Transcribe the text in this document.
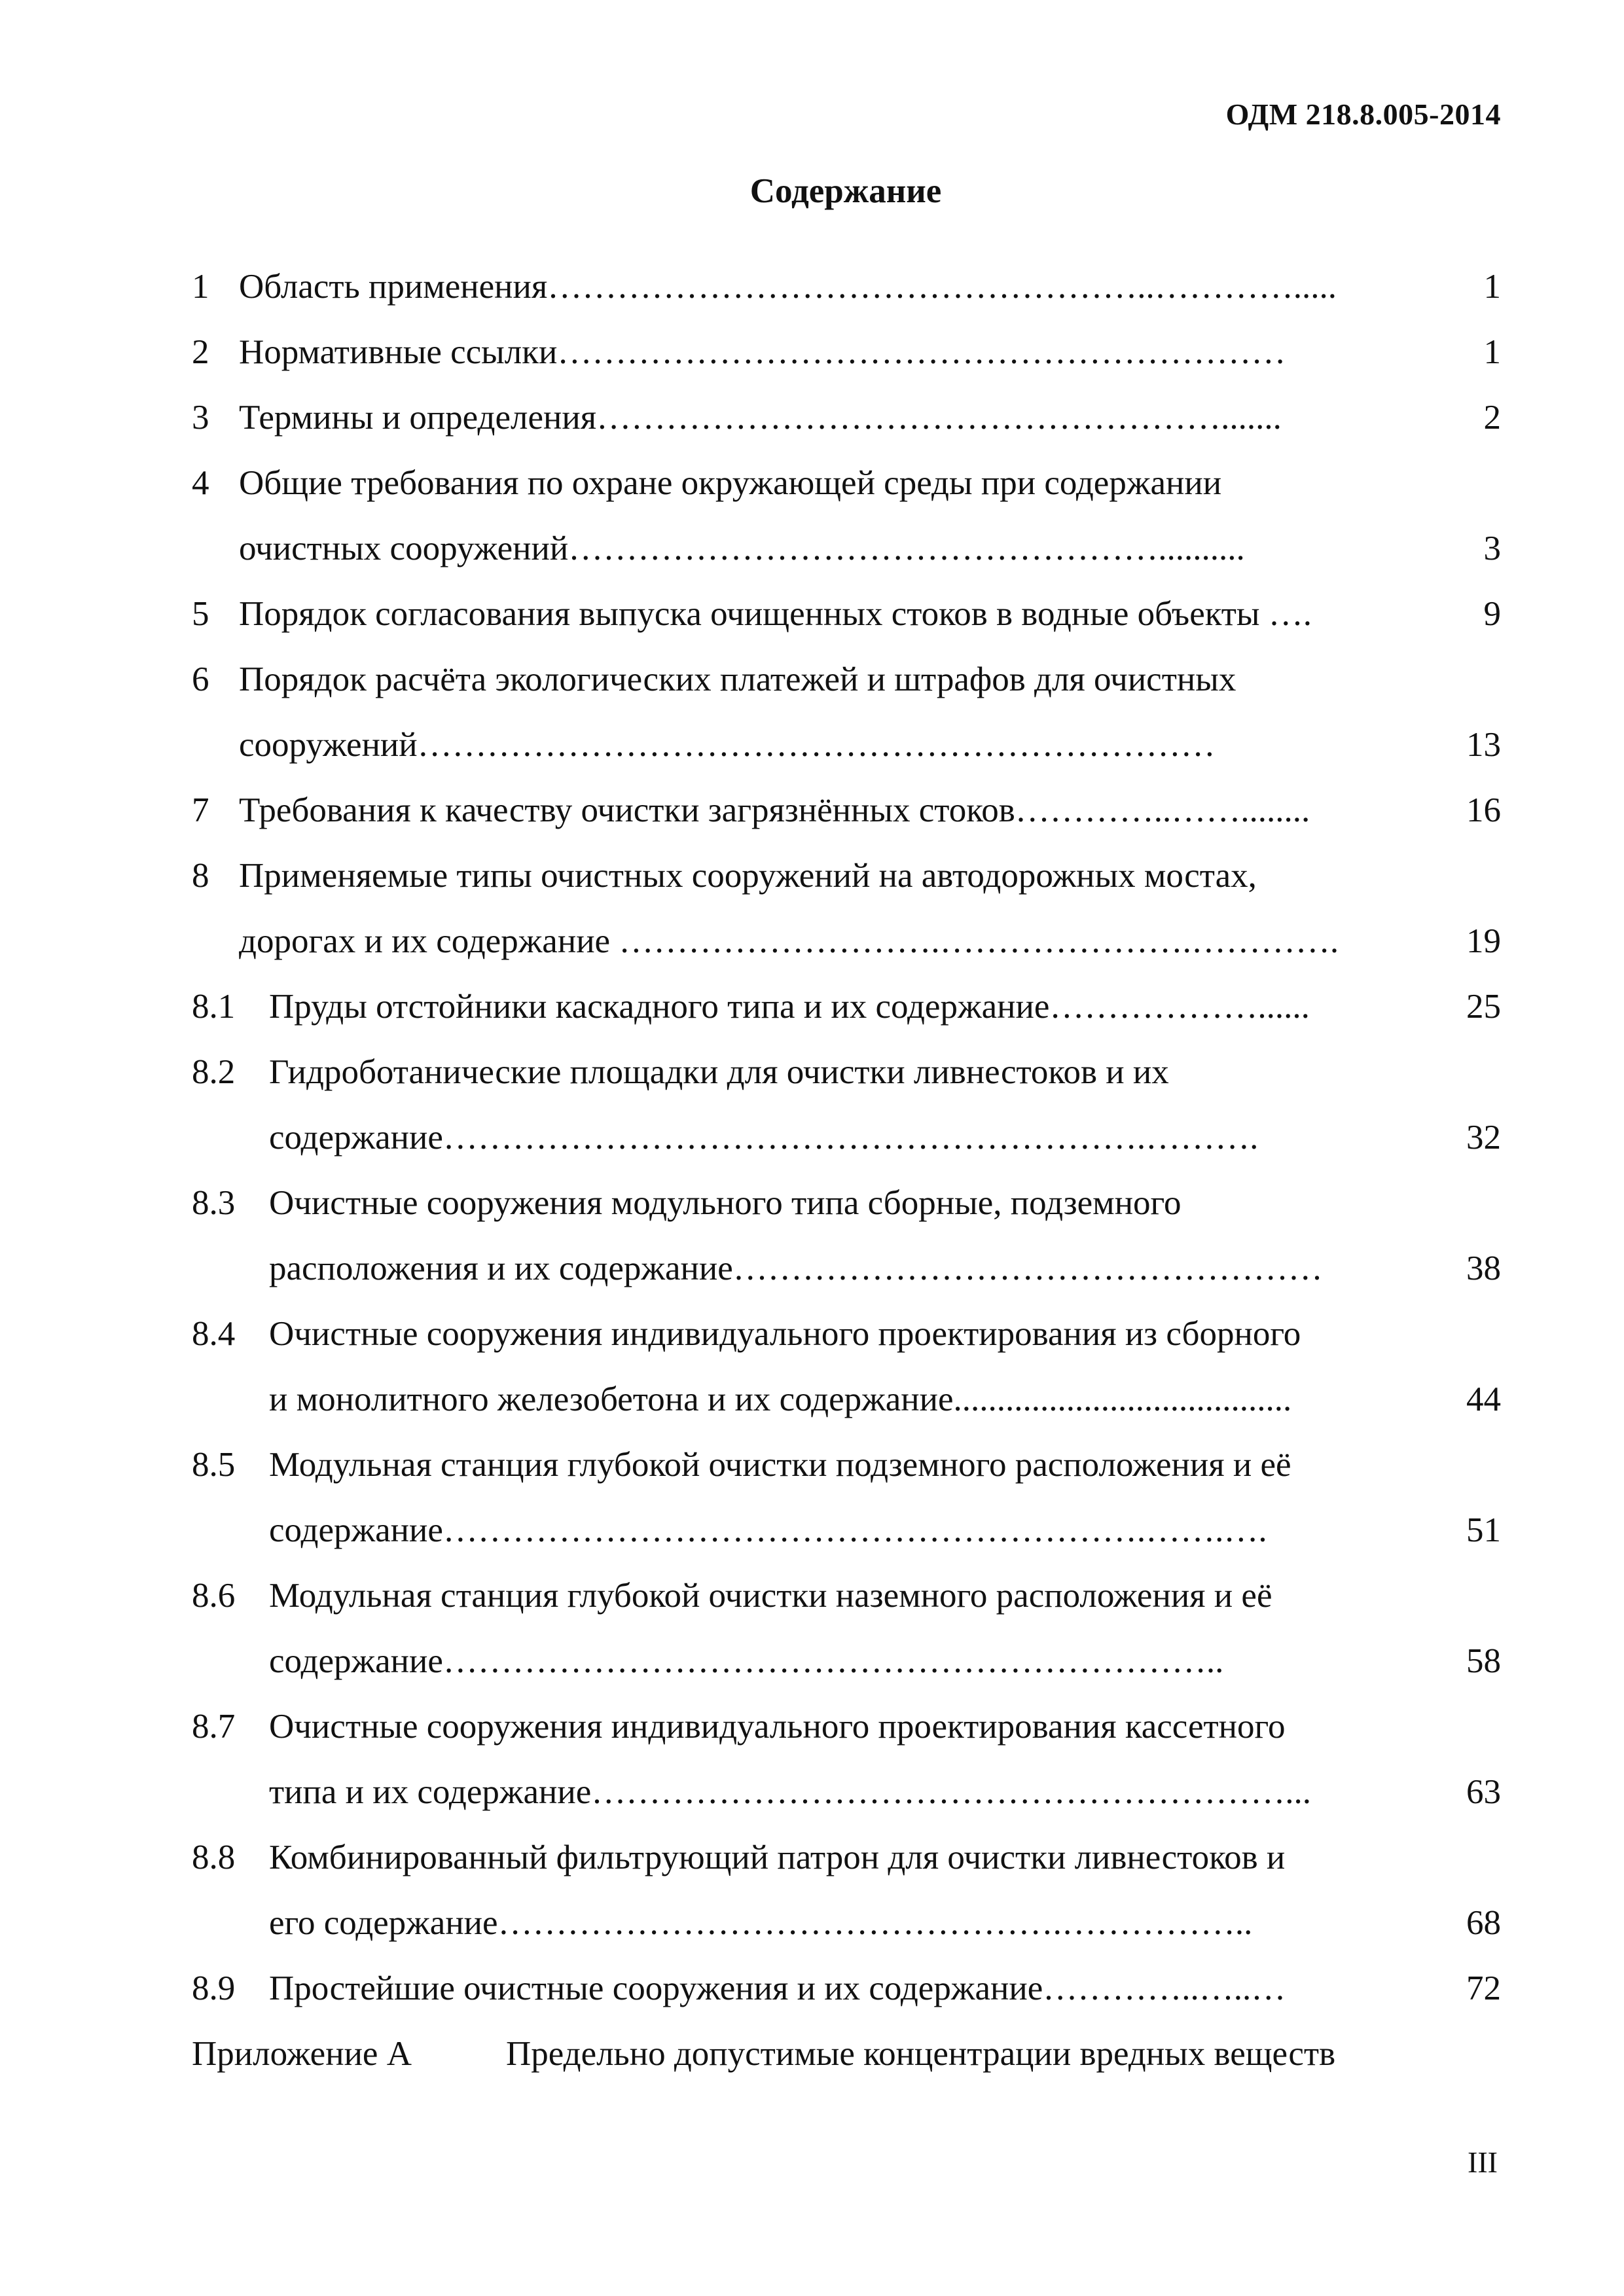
ОДМ 218.8.005-2014
Содержание
1 Область применения……………………………………………..………….....	1
2 Нормативные ссылки………………………………………………………	1
3 Термины и определения……………………………………………….......	2
4 Общие требования по охране окружающей среды при содержании
очистных сооружений……………………………………………..........	3
5 Порядок согласования выпуска очищенных стоков в водные объекты ….	9
6 Порядок расчёта экологических платежей и штрафов для очистных
сооружений……………………………………………………………	13
7 Требования к качеству очистки загрязнённых стоков…………..……........	16
8 Применяемые типы очистных сооружений на автодорожных мостах,
дорогах и их содержание ……………………….………………….………….	19
8.1 Пруды отстойники каскадного типа и их содержание………………......	25
8.2 Гидроботанические площадки для очистки ливнестоков и их
содержание…………………………………………………….……….	32
8.3 Очистные сооружения модульного типа сборные, подземного
расположения и их содержание……………………………………………	38
8.4 Очистные сооружения индивидуального проектирования из сборного
и монолитного железобетона и их содержание.......................................	44
8.5 Модульная станция глубокой очистки подземного расположения и её
содержание…………………………………………………….…….….	51
8.6 Модульная станция глубокой очистки наземного расположения и её
содержание…………………………………………………………..	58
8.7 Очистные сооружения индивидуального проектирования кассетного
типа и их содержание……………………………………………………...	63
8.8 Комбинированный фильтрующий патрон для очистки ливнестоков и
его содержание………………………………………….……………..	68
8.9 Простейшие очистные сооружения и их содержание…………..…..…	72
Приложение А	Предельно допустимые концентрации вредных веществ
III
